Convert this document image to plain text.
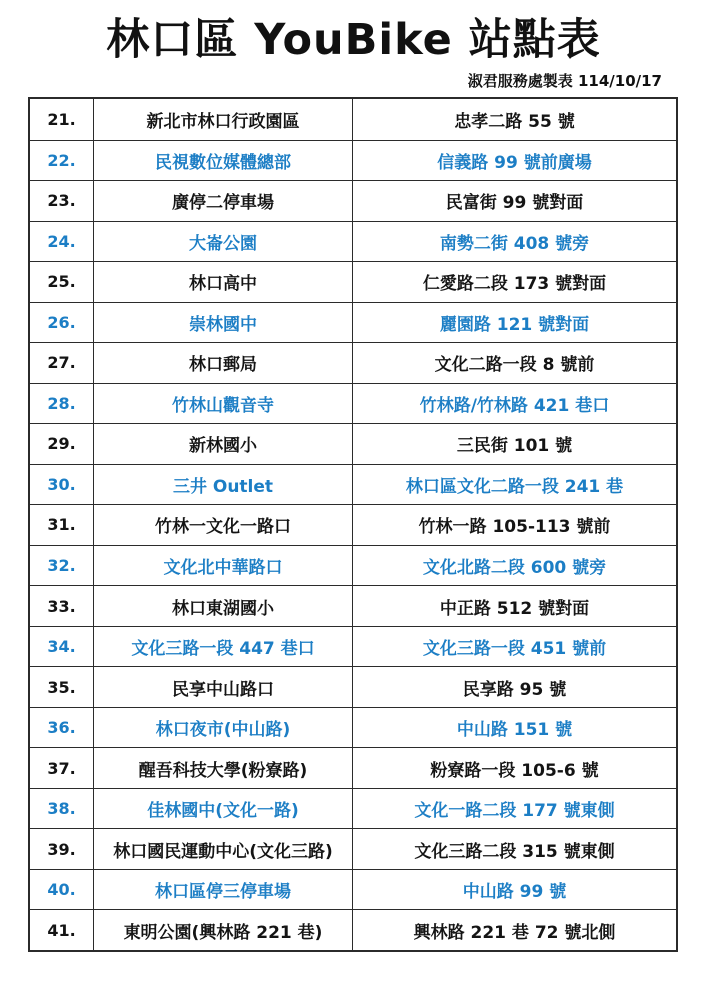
林口區 YouBike 站點表
淑君服務處製表 114/10/17
21.	新北市林口行政園區	忠孝二路 55 號
22.	民視數位媒體總部	信義路 99 號前廣場
23.	廣停二停車場	民富街 99 號對面
24.	大崙公園	南勢二街 408 號旁
25.	林口高中	仁愛路二段 173 號對面
26.	崇林國中	麗園路 121 號對面
27.	林口郵局	文化二路一段 8 號前
28.	竹林山觀音寺	竹林路/竹林路 421 巷口
29.	新林國小	三民街 101 號
30.	三井 Outlet	林口區文化二路一段 241 巷
31.	竹林一文化一路口	竹林一路 105-113 號前
32.	文化北中華路口	文化北路二段 600 號旁
33.	林口東湖國小	中正路 512 號對面
34.	文化三路一段 447 巷口	文化三路一段 451 號前
35.	民享中山路口	民享路 95 號
36.	林口夜市(中山路)	中山路 151 號
37.	醒吾科技大學(粉寮路)	粉寮路一段 105-6 號
38.	佳林國中(文化一路)	文化一路二段 177 號東側
39.	林口國民運動中心(文化三路)	文化三路二段 315 號東側
40.	林口區停三停車場	中山路 99 號
41.	東明公園(興林路 221 巷)	興林路 221 巷 72 號北側
